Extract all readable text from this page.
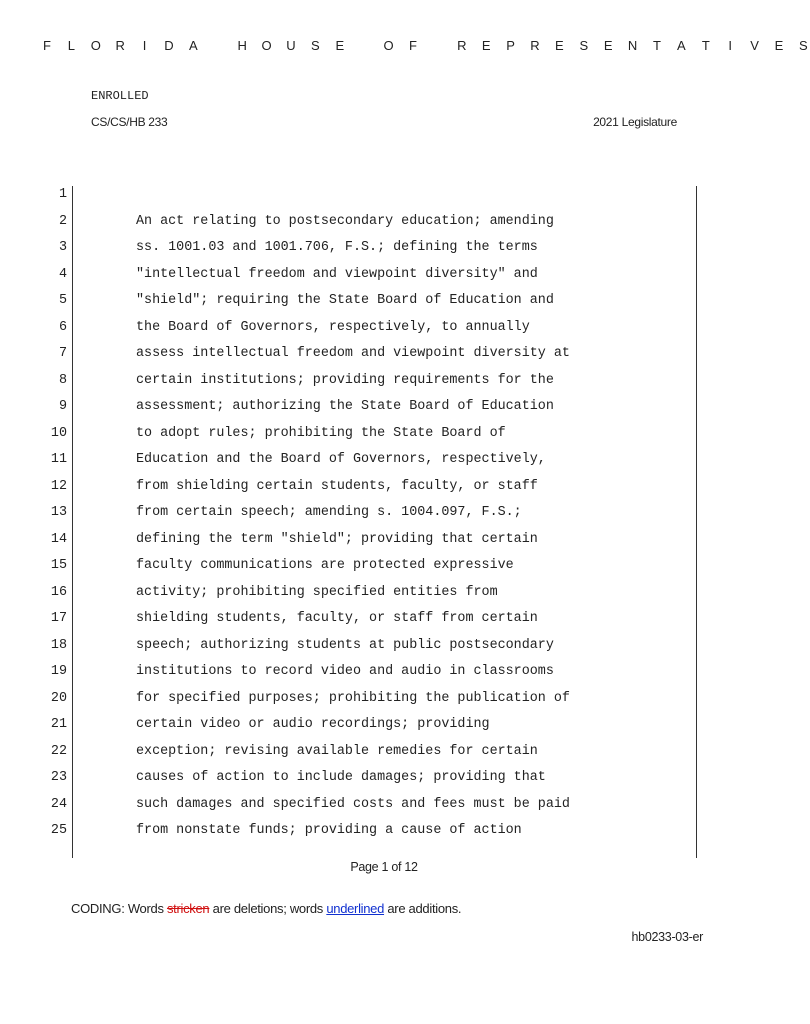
F L O R	I	D A	H O U S E	O F	R E P R E S E N T A T	I	V E S
ENROLLED
CS/CS/HB 233	2021 Legislature
1
2	An act relating to postsecondary education; amending
3	ss. 1001.03 and 1001.706, F.S.; defining the terms
4	"intellectual freedom and viewpoint diversity" and
5	"shield"; requiring the State Board of Education and
6	the Board of Governors, respectively, to annually
7	assess intellectual freedom and viewpoint diversity at
8	certain institutions; providing requirements for the
9	assessment; authorizing the State Board of Education
10	to adopt rules; prohibiting the State Board of
11	Education and the Board of Governors, respectively,
12	from shielding certain students, faculty, or staff
13	from certain speech; amending s. 1004.097, F.S.;
14	defining the term "shield"; providing that certain
15	faculty communications are protected expressive
16	activity; prohibiting specified entities from
17	shielding students, faculty, or staff from certain
18	speech; authorizing students at public postsecondary
19	institutions to record video and audio in classrooms
20	for specified purposes; prohibiting the publication of
21	certain video or audio recordings; providing
22	exception; revising available remedies for certain
23	causes of action to include damages; providing that
24	such damages and specified costs and fees must be paid
25	from nonstate funds; providing a cause of action
Page 1 of 12
CODING: Words stricken are deletions; words underlined are additions.
hb0233-03-er
